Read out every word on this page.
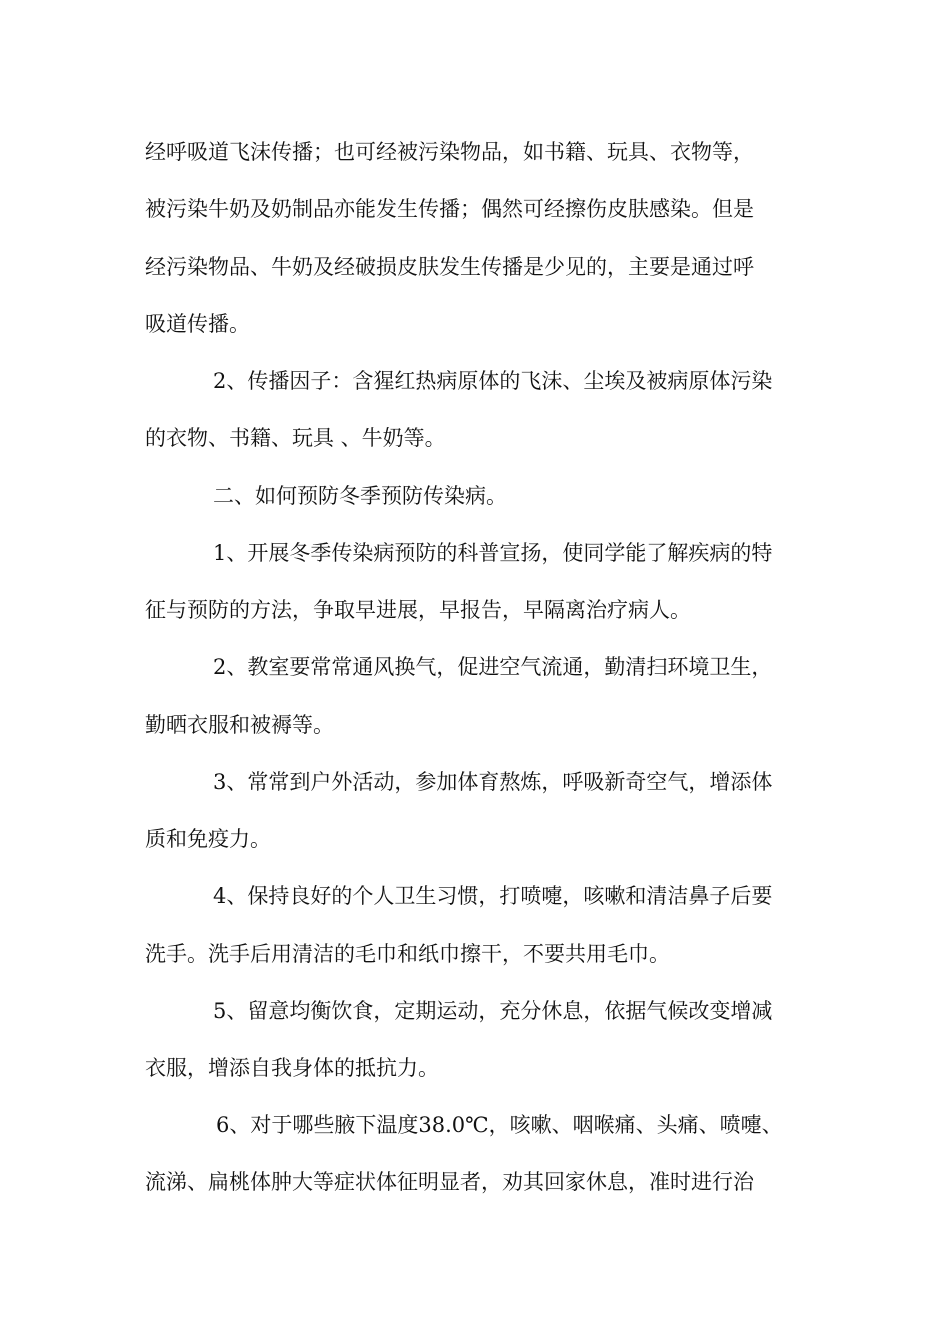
经呼吸道飞沫传播；也可经被污染物品，如书籍、玩具、衣物等，

被污染牛奶及奶制品亦能发生传播；偶然可经擦伤皮肤感染。但是

经污染物品、牛奶及经破损皮肤发生传播是少见的，主要是通过呼

吸道传播。

2、传播因子：含猩红热病原体的飞沫、尘埃及被病原体污染

的衣物、书籍、玩具 、牛奶等。

二、如何预防冬季预防传染病。

1、开展冬季传染病预防的科普宣扬，使同学能了解疾病的特

征与预防的方法，争取早进展，早报告，早隔离治疗病人。

2、教室要常常通风换气，促进空气流通，勤清扫环境卫生，

勤晒衣服和被褥等。

3、常常到户外活动，参加体育熬炼，呼吸新奇空气，增添体

质和免疫力。

4、保持良好的个人卫生习惯，打喷嚏，咳嗽和清洁鼻子后要

洗手。洗手后用清洁的毛巾和纸巾擦干，不要共用毛巾。

5、留意均衡饮食，定期运动，充分休息，依据气候改变增减

衣服，增添自我身体的抵抗力。

6、对于哪些腋下温度38.0℃，咳嗽、咽喉痛、头痛、喷嚏、

流涕、扁桃体肿大等症状体征明显者，劝其回家休息，准时进行治
